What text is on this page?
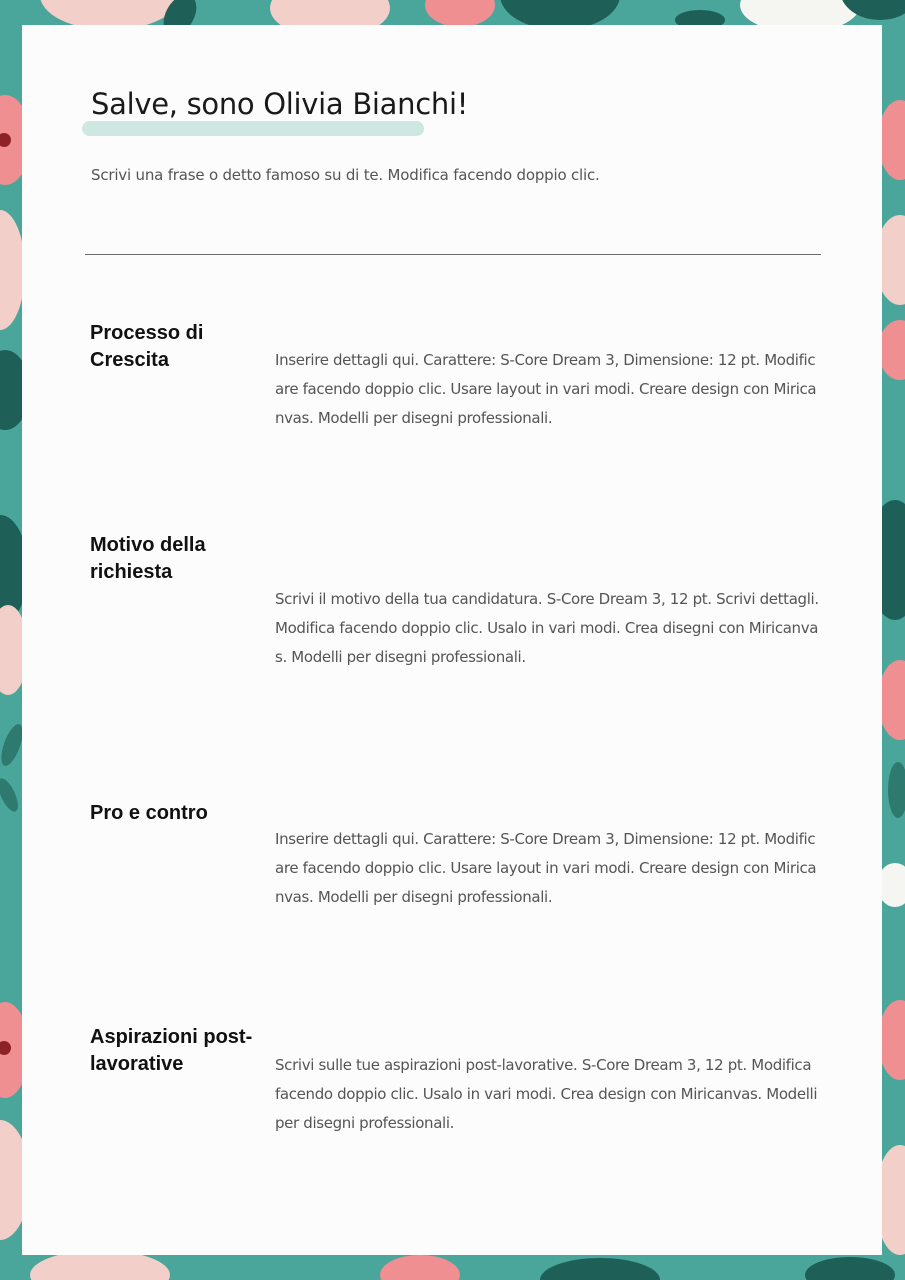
Salve, sono Olivia Bianchi!

Scrivi una frase o detto famoso su di te. Modifica facendo doppio clic.

Processo di Crescita	Inserire dettagli qui. Carattere: S-Core Dream 3, Dimensione: 12 pt. Modificare facendo doppio clic. Usare layout in vari modi. Creare design con Miricanvas. Modelli per disegni professionali.

Motivo della richiesta

Scrivi il motivo della tua candidatura. S-Core Dream 3, 12 pt. Scrivi dettagli. Modifica facendo doppio clic. Usalo in vari modi. Crea disegni con Miricanvas. Modelli per disegni professionali.

Pro e contro

Inserire dettagli qui. Carattere: S-Core Dream 3, Dimensione: 12 pt. Modificare facendo doppio clic. Usare layout in vari modi. Creare design con Miricanvas. Modelli per disegni professionali.

Aspirazioni post-lavorative	Scrivi sulle tue aspirazioni post-lavorative. S-Core Dream 3, 12 pt. Modifica facendo doppio clic. Usalo in vari modi. Crea design con Miricanvas. Modelli per disegni professionali.
